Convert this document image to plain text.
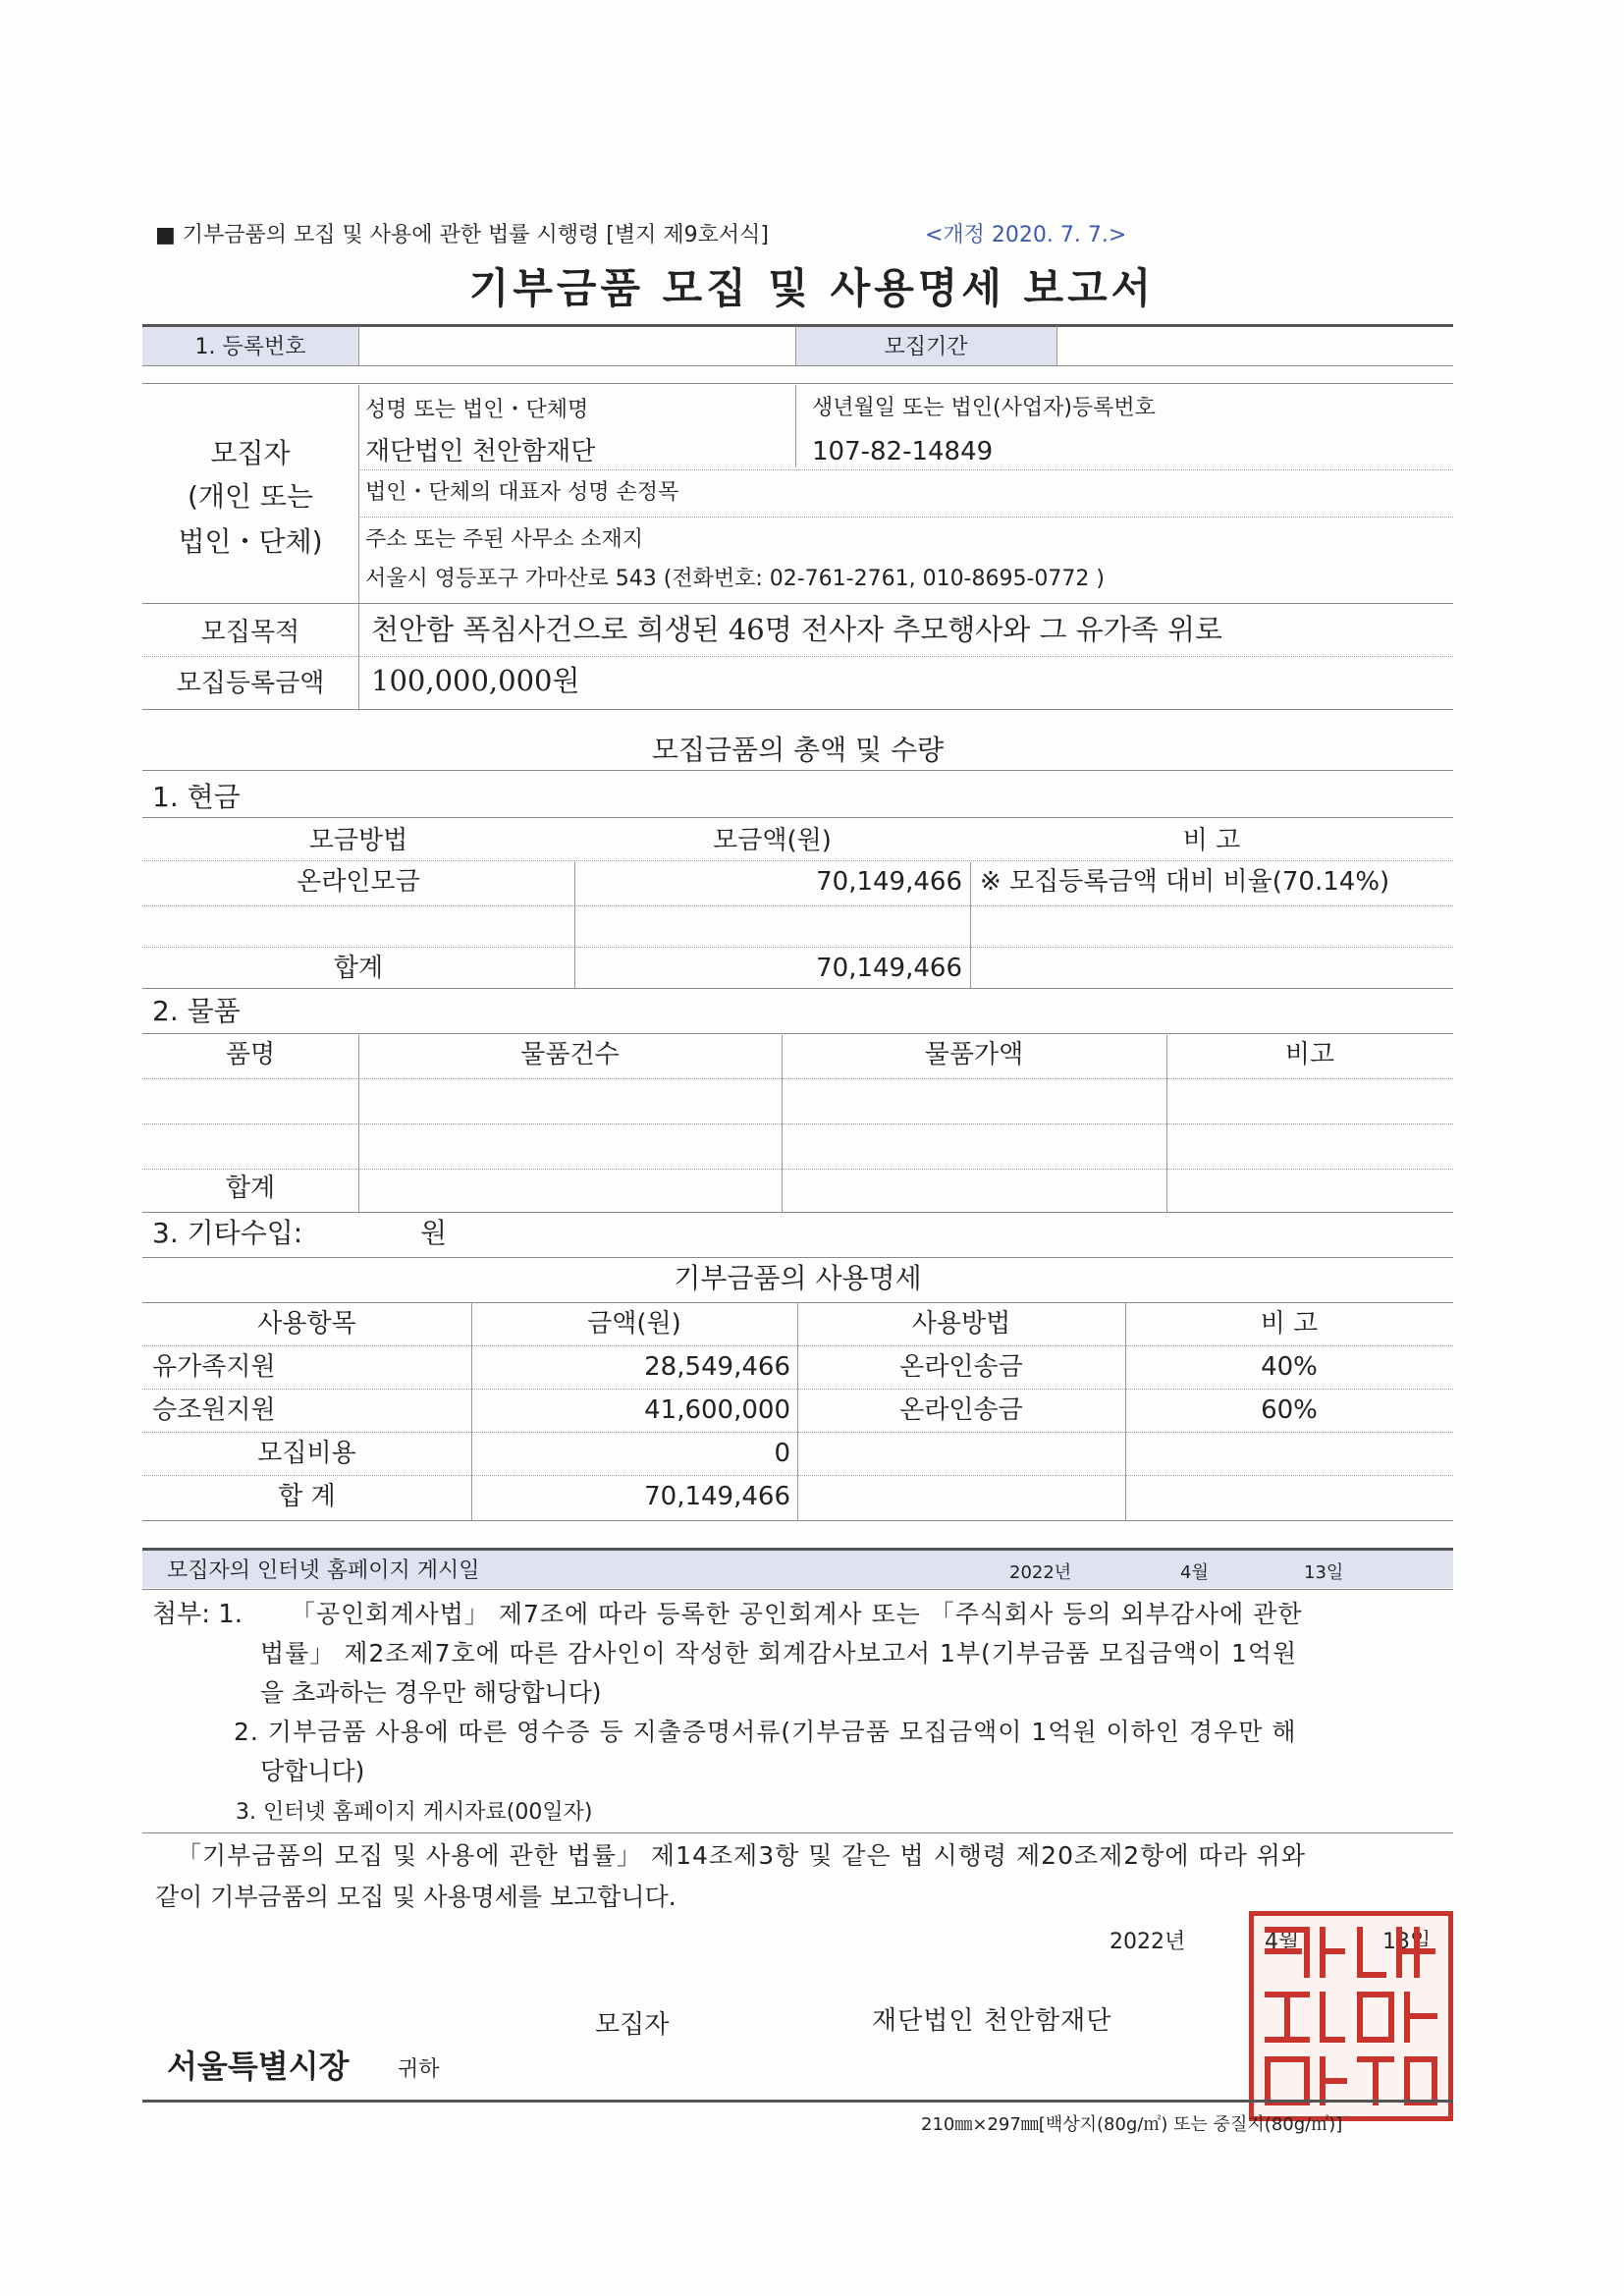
■ 기부금품의 모집 및 사용에 관한 법률 시행령 [별지 제9호서식]	<개정 2020. 7. 7.>
기부금품 모집 및 사용명세 보고서
1. 등록번호	모집기간
모집자
(개인 또는
법인・단체)
성명 또는 법인・단체명
재단법인 천안함재단
생년월일 또는 법인(사업자)등록번호
107-82-14849
법인・단체의 대표자 성명 손정목
주소 또는 주된 사무소 소재지
서울시 영등포구 가마산로 543 (전화번호: 02-761-2761, 010-8695-0772 )
모집목적	천안함 폭침사건으로 희생된 46명 전사자 추모행사와 그 유가족 위로
모집등록금액	100,000,000원
모집금품의 총액 및 수량
1. 현금
모금방법	모금액(원)	비 고
온라인모금	70,149,466 ※ 모집등록금액 대비 비율(70.14%)
합계	70,149,466
2. 물품
품명	물품건수	물품가액	비고
합계
3. 기타수입:	원
기부금품의 사용명세
사용항목	금액(원)	사용방법	비 고
유가족지원	28,549,466	온라인송금	40%
승조원지원	41,600,000	온라인송금	60%
모집비용	0
합 계	70,149,466
모집자의 인터넷 홈페이지 게시일	2022년	4월	13일
첨부: 1. 「공인회계사법」 제7조에 따라 등록한 공인회계사 또는 「주식회사 등의 외부감사에 관한
법률」 제2조제7호에 따른 감사인이 작성한 회계감사보고서 1부(기부금품 모집금액이 1억원
을 초과하는 경우만 해당합니다)
2. 기부금품 사용에 따른 영수증 등 지출증명서류(기부금품 모집금액이 1억원 이하인 경우만 해
당합니다)
3. 인터넷 홈페이지 게시자료(00일자)
「기부금품의 모집 및 사용에 관한 법률」 제14조제3항 및 같은 법 시행령 제20조제2항에 따라 위와
같이 기부금품의 모집 및 사용명세를 보고합니다.
2022년	4월	13일
모집자	재단법인 천안함재단
서울특별시장 귀하
210㎜×297㎜[백상지(80g/㎡) 또는 중질지(80g/㎡)]
